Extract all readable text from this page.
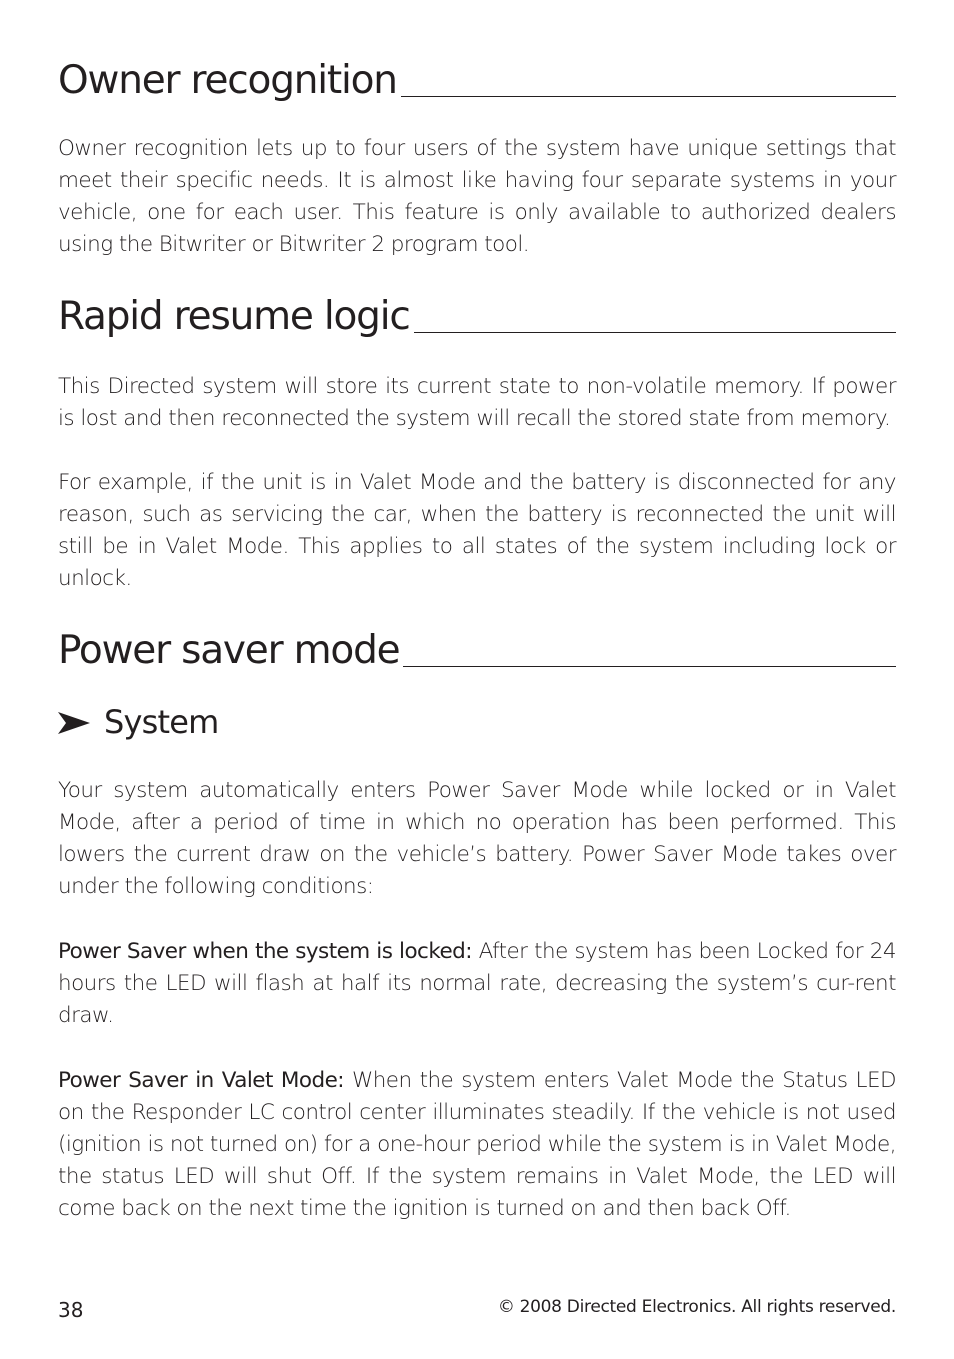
Owner recognition

Owner recognition lets up to four users of the system have unique settings that meet their specific needs. It is almost like having four separate systems in your vehicle, one for each user. This feature is only available to authorized dealers using the Bitwriter or Bitwriter 2 program tool.

Rapid resume logic

This Directed system will store its current state to non-volatile memory. If power is lost and then reconnected the system will recall the stored state from memory.

For example, if the unit is in Valet Mode and the battery is disconnected for any reason, such as servicing the car, when the battery is reconnected the unit will still be in Valet Mode. This applies to all states of the system including lock or unlock.

Power saver mode
System

Your system automatically enters Power Saver Mode while locked or in Valet Mode, after a period of time in which no operation has been performed. This lowers the current draw on the vehicle’s battery. Power Saver Mode takes over under the following conditions:

Power Saver when the system is locked: After the system has been Locked for 24 hours the LED will flash at half its normal rate, decreasing the system’s cur-rent draw.

Power Saver in Valet Mode: When the system enters Valet Mode the Status LED on the Responder LC control center illuminates steadily. If the vehicle is not used (ignition is not turned on) for a one-hour period while the system is in Valet Mode, the status LED will shut Off. If the system remains in Valet Mode, the LED will come back on the next time the ignition is turned on and then back Off.

38	© 2008 Directed Electronics. All rights reserved.
